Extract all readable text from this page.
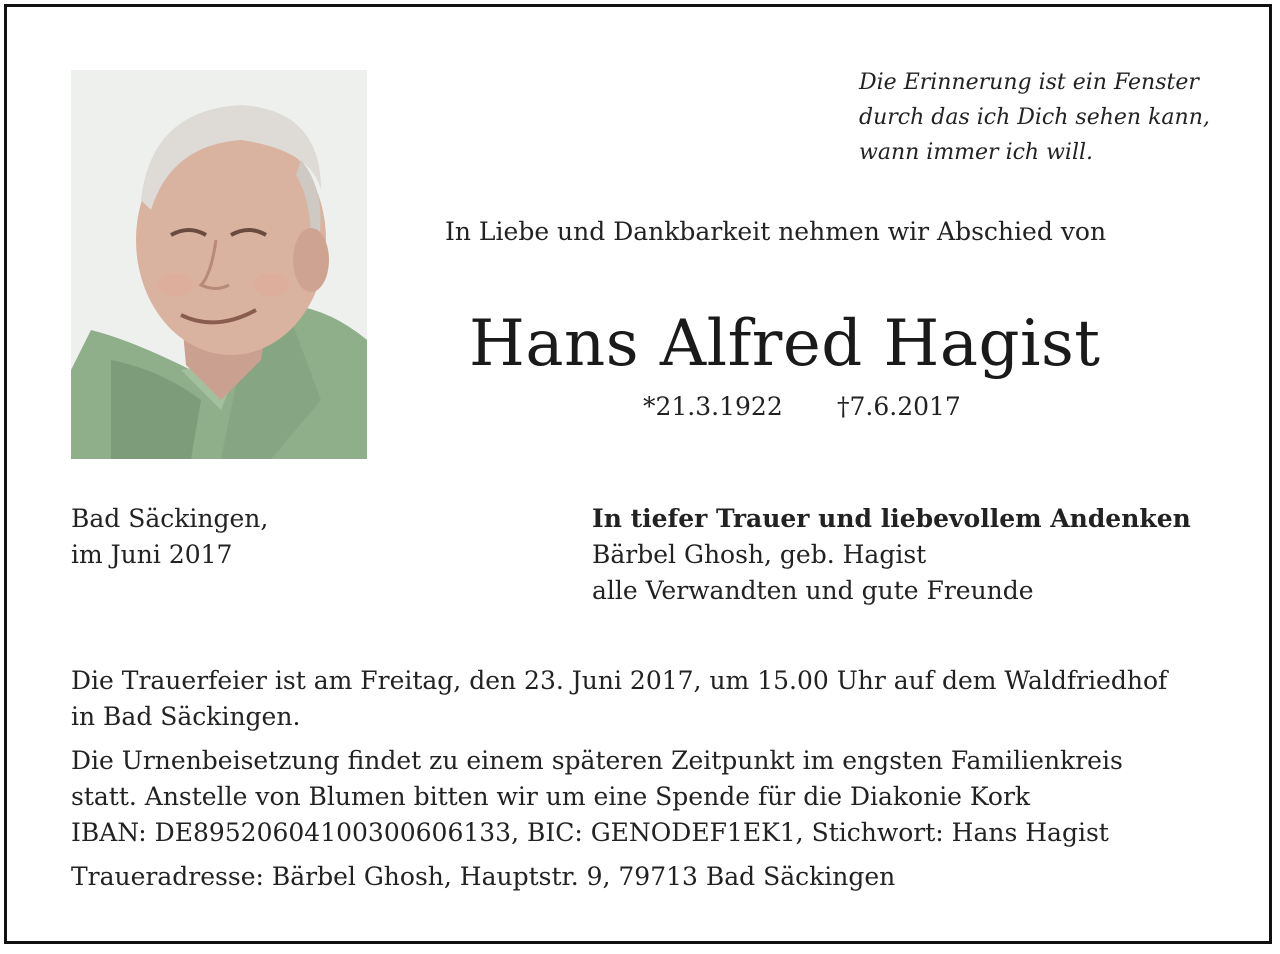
Die Erinnerung ist ein Fenster
durch das ich Dich sehen kann,
wann immer ich will.
In Liebe und Dankbarkeit nehmen wir Abschied von
Hans Alfred Hagist
*21.3.1922 †7.6.2017
Bad Säckingen,
im Juni 2017
In tiefer Trauer und liebevollem Andenken
Bärbel Ghosh, geb. Hagist
alle Verwandten und gute Freunde

Die Trauerfeier ist am Freitag, den 23. Juni 2017, um 15.00 Uhr auf dem Waldfriedhof
in Bad Säckingen.

Die Urnenbeisetzung findet zu einem späteren Zeitpunkt im engsten Familienkreis
statt. Anstelle von Blumen bitten wir um eine Spende für die Diakonie Kork
IBAN: DE89520604100300606133, BIC: GENODEF1EK1, Stichwort: Hans Hagist

Traueradresse: Bärbel Ghosh, Hauptstr. 9, 79713 Bad Säckingen
